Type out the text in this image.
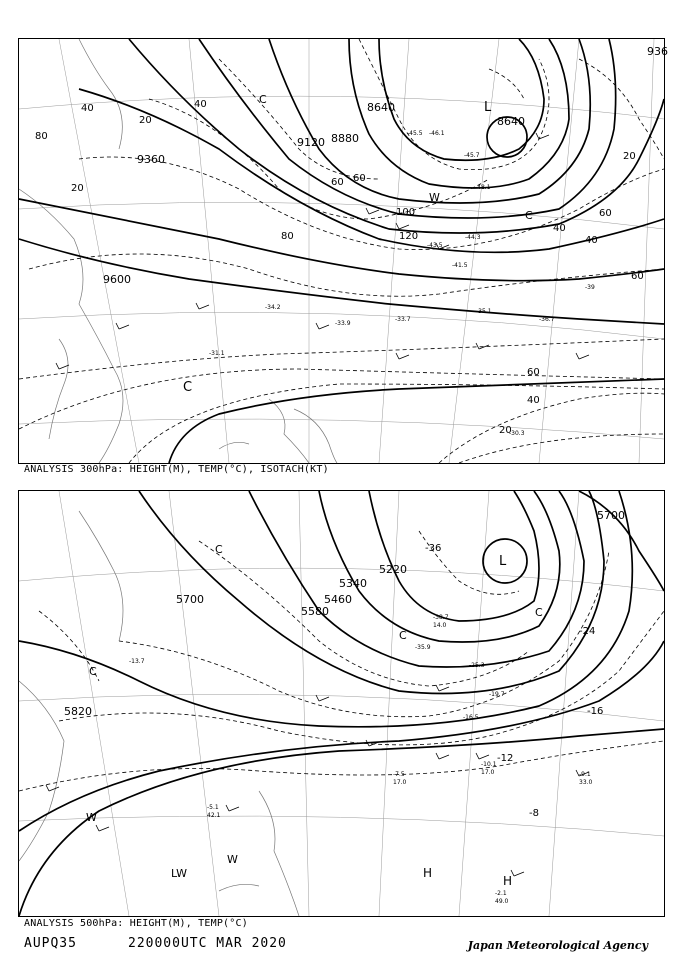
8640
8640
8880
9120
9360
9600
936
20
40
60
80
100
120
20
40
60
80
40
60
20
40
60
60
40
20
-45.5 -46.1
-45.7
-48.1
-43.5
-41.5
-44.3
-39
-35.1
-36.7
-33.7
-33.9
-31.1
-30.3
-34.2
L
C
C
C
W
ANALYSIS 300hPa: HEIGHT(M), TEMP(°C), ISOTACH(KT)
5700
5700	5460
5580
5820
5340
5220
-36
-24
-16
-12
-8
-10.1
17.0	-9.1
33.0
-7.5
17.0
-2.1
49.0
-5.1
42.1
-38.7
14.0
-35.9
-13.7
-25.3
-19.7
-16.5
L
C
C
C
C
W
W
LW	H
H
ANALYSIS 500hPa: HEIGHT(M), TEMP(°C)
AUPQ35	220000UTC MAR 2020	Japan Meteorological Agency
